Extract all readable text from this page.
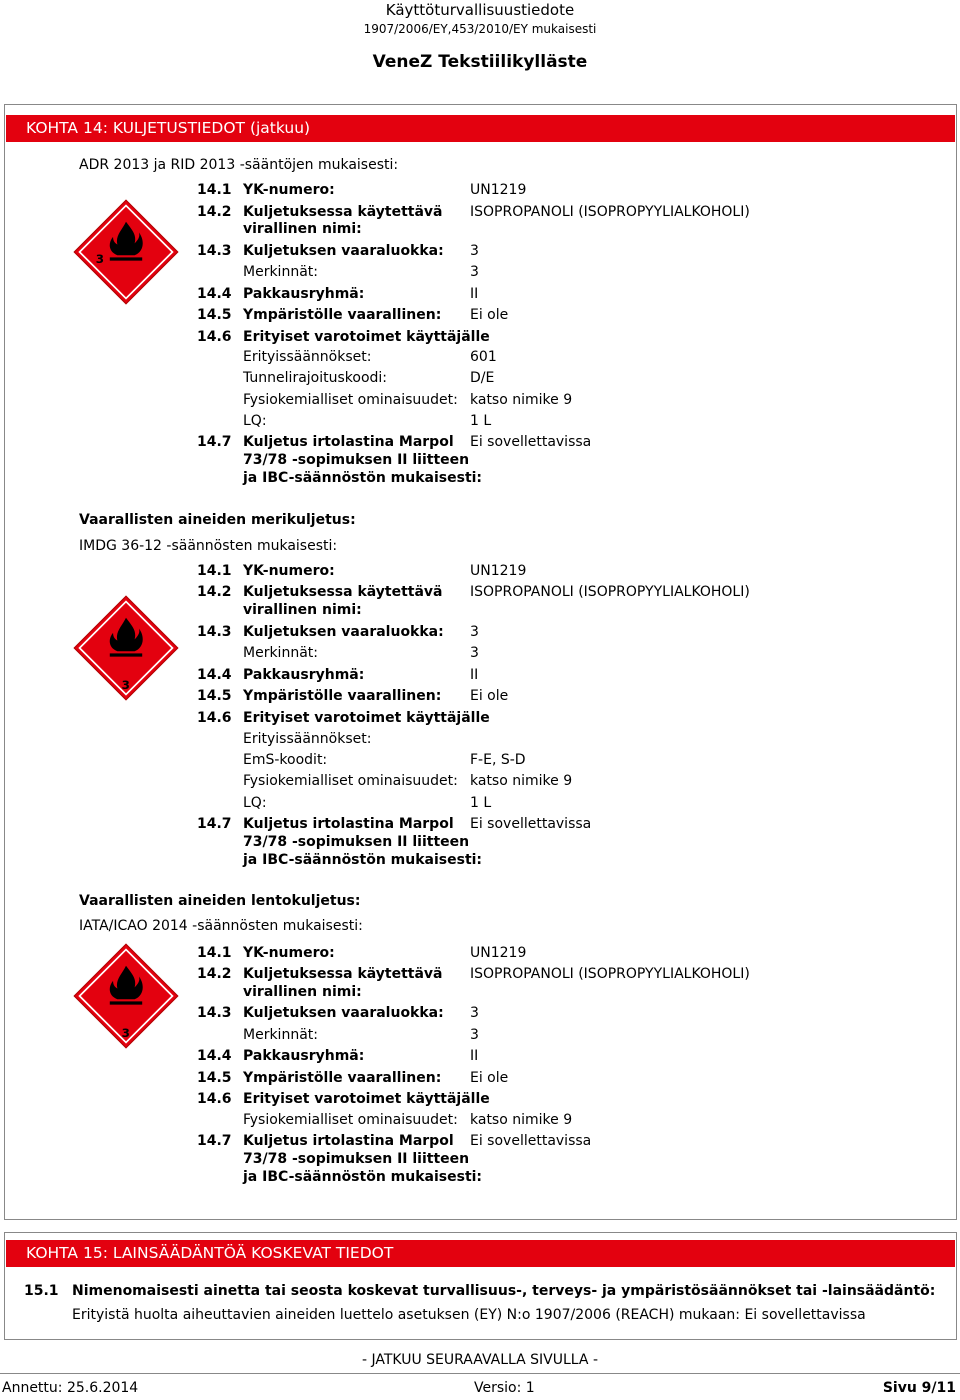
Käyttöturvallisuustiedote
1907/2006/EY,453/2010/EY mukaisesti
VeneZ Tekstiilikylläste
KOHTA 14: KULJETUSTIEDOT (jatkuu)
ADR 2013 ja RID 2013 -sääntöjen mukaisesti:
3
14.1 YK-numero:	UN1219
14.2 Kuljetuksessa käytettävä
virallinen nimi:
ISOPROPANOLI (ISOPROPYYLIALKOHOLI)
14.3 Kuljetuksen vaaraluokka: 3
Merkinnät:	3
14.4 Pakkausryhmä:	II
14.5 Ympäristölle vaarallinen: Ei ole
14.6 Erityiset varotoimet käyttäjälle
Erityissäännökset:	601
Tunnelirajoituskoodi:	D/E
Fysiokemialliset ominaisuudet: katso nimike 9
LQ:	1 L
14.7 Kuljetus irtolastina Marpol
73/78 -sopimuksen II liitteen
ja IBC-säännöstön mukaisesti:
Ei sovellettavissa
Vaarallisten aineiden merikuljetus:
IMDG 36-12 -säännösten mukaisesti:
3
14.1 YK-numero:	UN1219
14.2 Kuljetuksessa käytettävä
virallinen nimi:
ISOPROPANOLI (ISOPROPYYLIALKOHOLI)
14.3 Kuljetuksen vaaraluokka: 3
Merkinnät:	3
14.4 Pakkausryhmä:	II
14.5 Ympäristölle vaarallinen: Ei ole
14.6 Erityiset varotoimet käyttäjälle
Erityissäännökset:
EmS-koodit:	F-E, S-D
Fysiokemialliset ominaisuudet: katso nimike 9
LQ:	1 L
14.7 Kuljetus irtolastina Marpol
73/78 -sopimuksen II liitteen
ja IBC-säännöstön mukaisesti:
Ei sovellettavissa
Vaarallisten aineiden lentokuljetus:
IATA/ICAO 2014 -säännösten mukaisesti:
3
14.1 YK-numero:	UN1219
14.2 Kuljetuksessa käytettävä
virallinen nimi:
ISOPROPANOLI (ISOPROPYYLIALKOHOLI)
14.3 Kuljetuksen vaaraluokka: 3
Merkinnät:	3
14.4 Pakkausryhmä:	II
14.5 Ympäristölle vaarallinen: Ei ole
14.6 Erityiset varotoimet käyttäjälle
Fysiokemialliset ominaisuudet: katso nimike 9
14.7 Kuljetus irtolastina Marpol
73/78 -sopimuksen II liitteen
ja IBC-säännöstön mukaisesti:
Ei sovellettavissa
KOHTA 15: LAINSÄÄDÄNTÖÄ KOSKEVAT TIEDOT
15.1 Nimenomaisesti ainetta tai seosta koskevat turvallisuus-, terveys- ja ympäristösäännökset tai -lainsäädäntö:
Erityistä huolta aiheuttavien aineiden luettelo asetuksen (EY) N:o 1907/2006 (REACH) mukaan: Ei sovellettavissa
- JATKUU SEURAAVALLA SIVULLA -
Annettu: 25.6.2014	Versio: 1	Sivu 9/11
